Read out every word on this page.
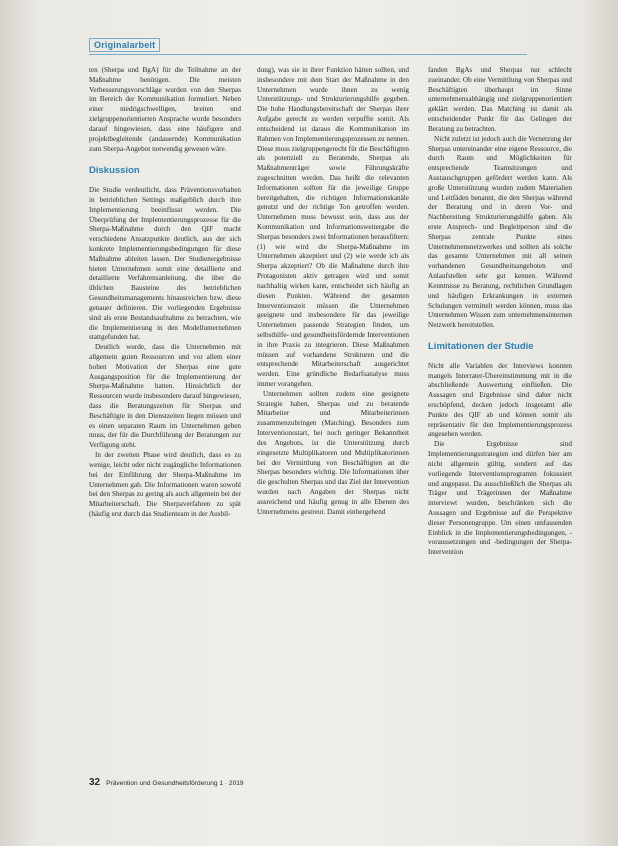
Originalarbeit

ten (Sherpa und BgA) für die Teilnahme an der Maßnahme benötigen. Die meisten Verbesserungsvorschläge wurden von den Sherpas im Bereich der Kommunikation formuliert. Neben einer niedrigschwelligen, breiten und zielgruppenorientierten Ansprache wurde besonders darauf hingewiesen, dass eine häufigere und projektbegleitende (andauernde) Kommunikation zum Sherpa-Angebot notwendig gewesen wäre.

Diskussion

Die Studie verdeutlicht, dass Präventionsvorhaben in betrieblichen Settings maßgeblich durch ihre Implementierung beeinflusst werden. Die Überprüfung der Implementierungsprozesse für die Sherpa-Maßnahme durch den QIF macht verschiedene Ansatzpunkte deutlich, aus der sich konkrete Implementierungsbedingungen für diese Maßnahme ableiten lassen. Der Studienergebnisse bieten Unternehmen somit eine detaillierte und detaillierte Verfahrensanleitung, die über die üblichen Bausteine des betrieblichen Gesundheitsmanagements hinausreichen bzw. diese genauer definieren. Die vorliegenden Ergebnisse sind als erste Bestandsaufnahme zu betrachten, wie die Implementierung in den Modellunternehmen stattgefunden hat.

Deutlich wurde, dass die Unternehmen mit allgemein guten Ressourcen und vor allem einer hohen Motivation der Sherpas eine gute Ausgangsposition für die Implementierung der Sherpa-Maßnahme hatten. Hinsichtlich der Ressourcen wurde insbesondere darauf hingewiesen, dass die Beratungszeiten für Sherpas und Beschäftigte in den Dienstzeiten liegen müssen und es einen separaten Raum im Unternehmen geben muss, der für die Durchführung der Beratungen zur Verfügung steht.

In der zweiten Phase wird deutlich, dass es zu wenige, leicht oder nicht zugängliche Informationen bei der Einführung der Sherpa-Maßnahme im Unternehmen gab. Die Informationen waren sowohl bei den Sherpas zu gering als auch allgemein bei der Mitarbeiterschaft. Die Sherpaverfahren zu spät (häufig erst durch das Studienteam in der Ausbil-

dung), was sie in ihrer Funktion hätten sollten, und insbesondere mit dem Start der Maßnahme in den Unternehmen wurde ihnen zu wenig Unterstützungs- und Strukturierungshilfe gegeben. Die hohe Handlungsbereitschaft der Sherpas ihrer Aufgabe gerecht zu werden verpuffte somit. Als entscheidend ist daraus die Kommunikation im Rahmen von Implementierungsprozessen zu nennen. Diese muss zielgruppengerecht für die Beschäftigten als potenziell zu Beratende, Sherpas als Maßnahmenträger sowie Führungskräfte zugeschnitten werden. Das heißt die relevanten Informationen sollten für die jeweilige Gruppe bereitgehalten, die richtigen Informationskanäle genutzt und der richtige Ton getroffen werden. Unternehmen muss bewusst sein, dass aus der Kommunikation und Informationsweitergabe die Sherpas besonders zwei Informationen herausfiltern: (1) wie wird die Sherpa-Maßnahme im Unternehmen akzeptiert und (2) wie werde ich als Sherpa akzeptiert? Ob die Maßnahme durch ihre Protagonisten aktiv getragen wird und somit nachhaltig wirken kann, entscheidet sich häufig an diesen Punkten. Während der gesamten Interventionszeit müssen die Unternehmen geeignete und insbesondere für das jeweilige Unternehmen passende Strategien finden, um selbsthilfe- und gesundheitsfördernde Interventionen in ihre Praxis zu integrieren. Diese Maßnahmen müssen auf vorhandene Strukturen und die entsprechende Mitarbeiterschaft ausgerichtet werden. Eine gründliche Bedarfsanalyse muss immer vorangehen.

Unternehmen sollten zudem eine geeignete Strategie haben, Sherpas und zu beratende Mitarbeiter und Mitarbeiterinnen zusammenzubringen (Matching). Besonders zum Interventionsstart, bei noch geringer Bekanntheit des Angebots, ist die Unterstützung durch eingesetzte Multiplikatoren und Multiplikatorinnen bei der Vermittlung von Beschäftigten an die Sherpas besonders wichtig. Die Informationen über die geschulten Sherpas und das Ziel der Intervention wurden nach Angaben der Sherpas nicht ausreichend und häufig genug in alle Ebenen des Unternehmens gestreut. Damit einhergehend

fanden BgAs und Sherpas nur schlecht zueinander. Ob eine Vermittlung von Sherpas und Beschäftigten überhaupt im Sinne unternehmensabhängig und zielgruppenorientiert geklärt werden. Das Matching ist damit als entscheidender Punkt für das Gelingen der Beratung zu betrachten.

Nicht zuletzt ist jedoch auch die Vernetzung der Sherpas untereinander eine eigene Ressource, die durch Raum und Möglichkeiten für entsprechende Teamsitzungen und Austauschgruppen gefördert werden kann. Als große Unterstützung wurden zudem Materialien und Leitfäden benannt, die den Sherpas während der Beratung und in deren Vor- und Nachbereitung Strukturierungshilfe gaben. Als erste Ansprech- und Begleitperson sind die Sherpas zentrale Punkte eines Unternehmensnetzwerkes und sollten als solche das gesamte Unternehmen mit all seinen vorhandenen Gesundheitsangeboten und Anlaufstellen sehr gut kennen. Während Kenntnisse zu Beratung, rechtlichen Grundlagen und häufigen Erkrankungen in externen Schulungen vermittelt werden können, muss das Unternehmen Wissen zum unternehmensinternen Netzwerk bereitstellen.

Limitationen der Studie

Nicht alle Variablen der Interviews konnten mangels Interrater-Übereinstimmung mit in die abschließende Auswertung einfließen. Die Aussagen und Ergebnisse sind daher nicht erschöpfend, decken jedoch insgesamt alle Punkte des QIF ab und können somit als repräsentativ für den Implementierungsprozess angesehen werden.

Die Ergebnisse sind Implementierungsstrategien und dürfen hier am nicht allgemein gültig, sondern auf das vorliegende Interventionsprogramm fokussiert und angepasst. Da ausschließlich die Sherpas als Träger und Trägerinnen der Maßnahme interviewt wurden, beschränken sich die Aussagen und Ergebnisse auf die Perspektive dieser Personengruppe. Um einen umfassenden Einblick in die Implementierungsbedingungen, -voraussetzungen und -bedingungen der Sherpa-Intervention

32 Prävention und Gesundheitsförderung 1 · 2019
